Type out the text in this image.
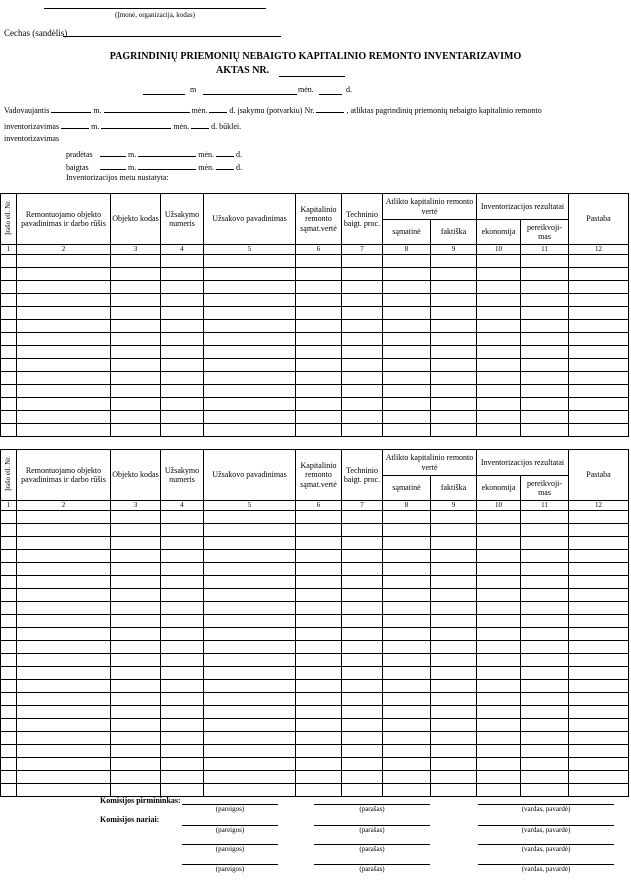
(Įmonė, organizacija, kodas)
Cechas (sandėlis)
PAGRINDINIŲ PRIEMONIŲ NEBAIGTO KAPITALINIO REMONTO INVENTARIZAVIMO
AKTAS NR.
m	mėn.	d.
Vadovaujantis	m.	mėn.	d. įsakymu (potvarkiu) Nr.	, atliktas pagrindinių priemonių nebaigto kapitalinio remonto
inventorizavimas	m.	mėn.	d. būklei.
inventorizavimas
pradėtas	m.	mėn.	d.
baigtas	m.	mėn.	d.
Inventorizacijos metu nustatyta:
Įrašo eil. Nr.	Remontuojamo objekto pavadinimas ir darbo rūšis	Objekto kodas	Užsakymo numeris	Užsakovo pavadinimas	Kapitalinio remonto sąmat.vertė	Techninio baigt. proc.	Atlikto kapitalinio remonto vertė		Inventorizacijos rezultatai		Pastaba
							sąmatinė	faktiška	ekonomija	pereikvoji-mas	
1	2	3	4	5	6	7	8	9	10	11	12

Įrašo eil. Nr.	Remontuojamo objekto pavadinimas ir darbo rūšis	Objekto kodas	Užsakymo numeris	Užsakovo pavadinimas	Kapitalinio remonto sąmat.vertė	Techninio baigt. proc.	Atlikto kapitalinio remonto vertė		Inventorizacijos rezultatai		Pastaba
							sąmatinė	faktiška	ekonomija	pereikvoji-mas	
1	2	3	4	5	6	7	8	9	10	11	12

Komisijos pirmininkas:
(pareigos)	(parašas)	(vardas, pavardė)
Komisijos nariai:
(pareigos)	(parašas)	(vardas, pavardė)
(pareigos)	(parašas)	(vardas, pavardė)
(pareigos)	(parašas)	(vardas, pavardė)
